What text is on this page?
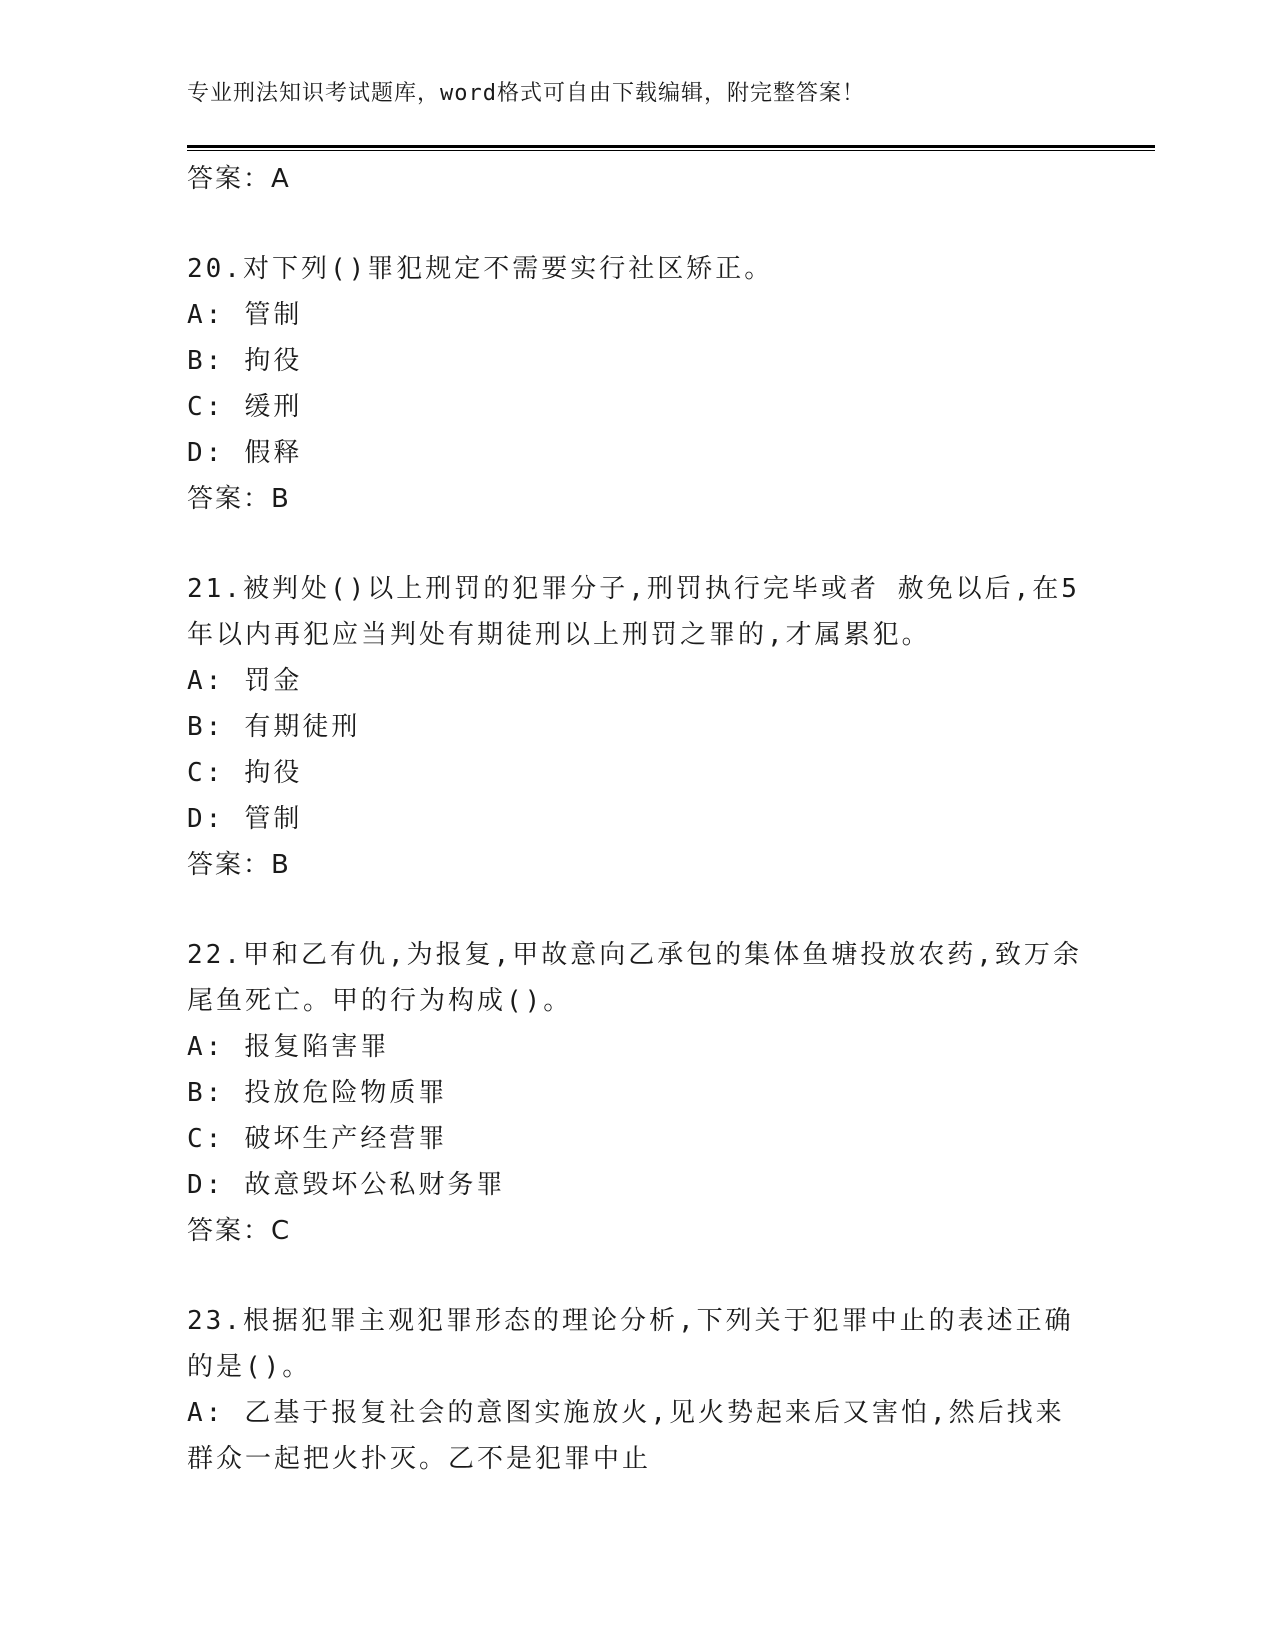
专业刑法知识考试题库，word格式可自由下载编辑，附完整答案！
答案：A
20.对下列()罪犯规定不需要实行社区矫正。
A: 管制
B: 拘役
C: 缓刑
D: 假释
答案：B
21.被判处()以上刑罚的犯罪分子,刑罚执行完毕或者 赦免以后,在5年以内再犯应当判处有期徒刑以上刑罚之罪的,才属累犯。
A: 罚金
B: 有期徒刑
C: 拘役
D: 管制
答案：B
22.甲和乙有仇,为报复,甲故意向乙承包的集体鱼塘投放农药,致万余尾鱼死亡。甲的行为构成()。
A: 报复陷害罪
B: 投放危险物质罪
C: 破坏生产经营罪
D: 故意毁坏公私财务罪
答案：C
23.根据犯罪主观犯罪形态的理论分析,下列关于犯罪中止的表述正确的是()。
A: 乙基于报复社会的意图实施放火,见火势起来后又害怕,然后找来群众一起把火扑灭。乙不是犯罪中止
